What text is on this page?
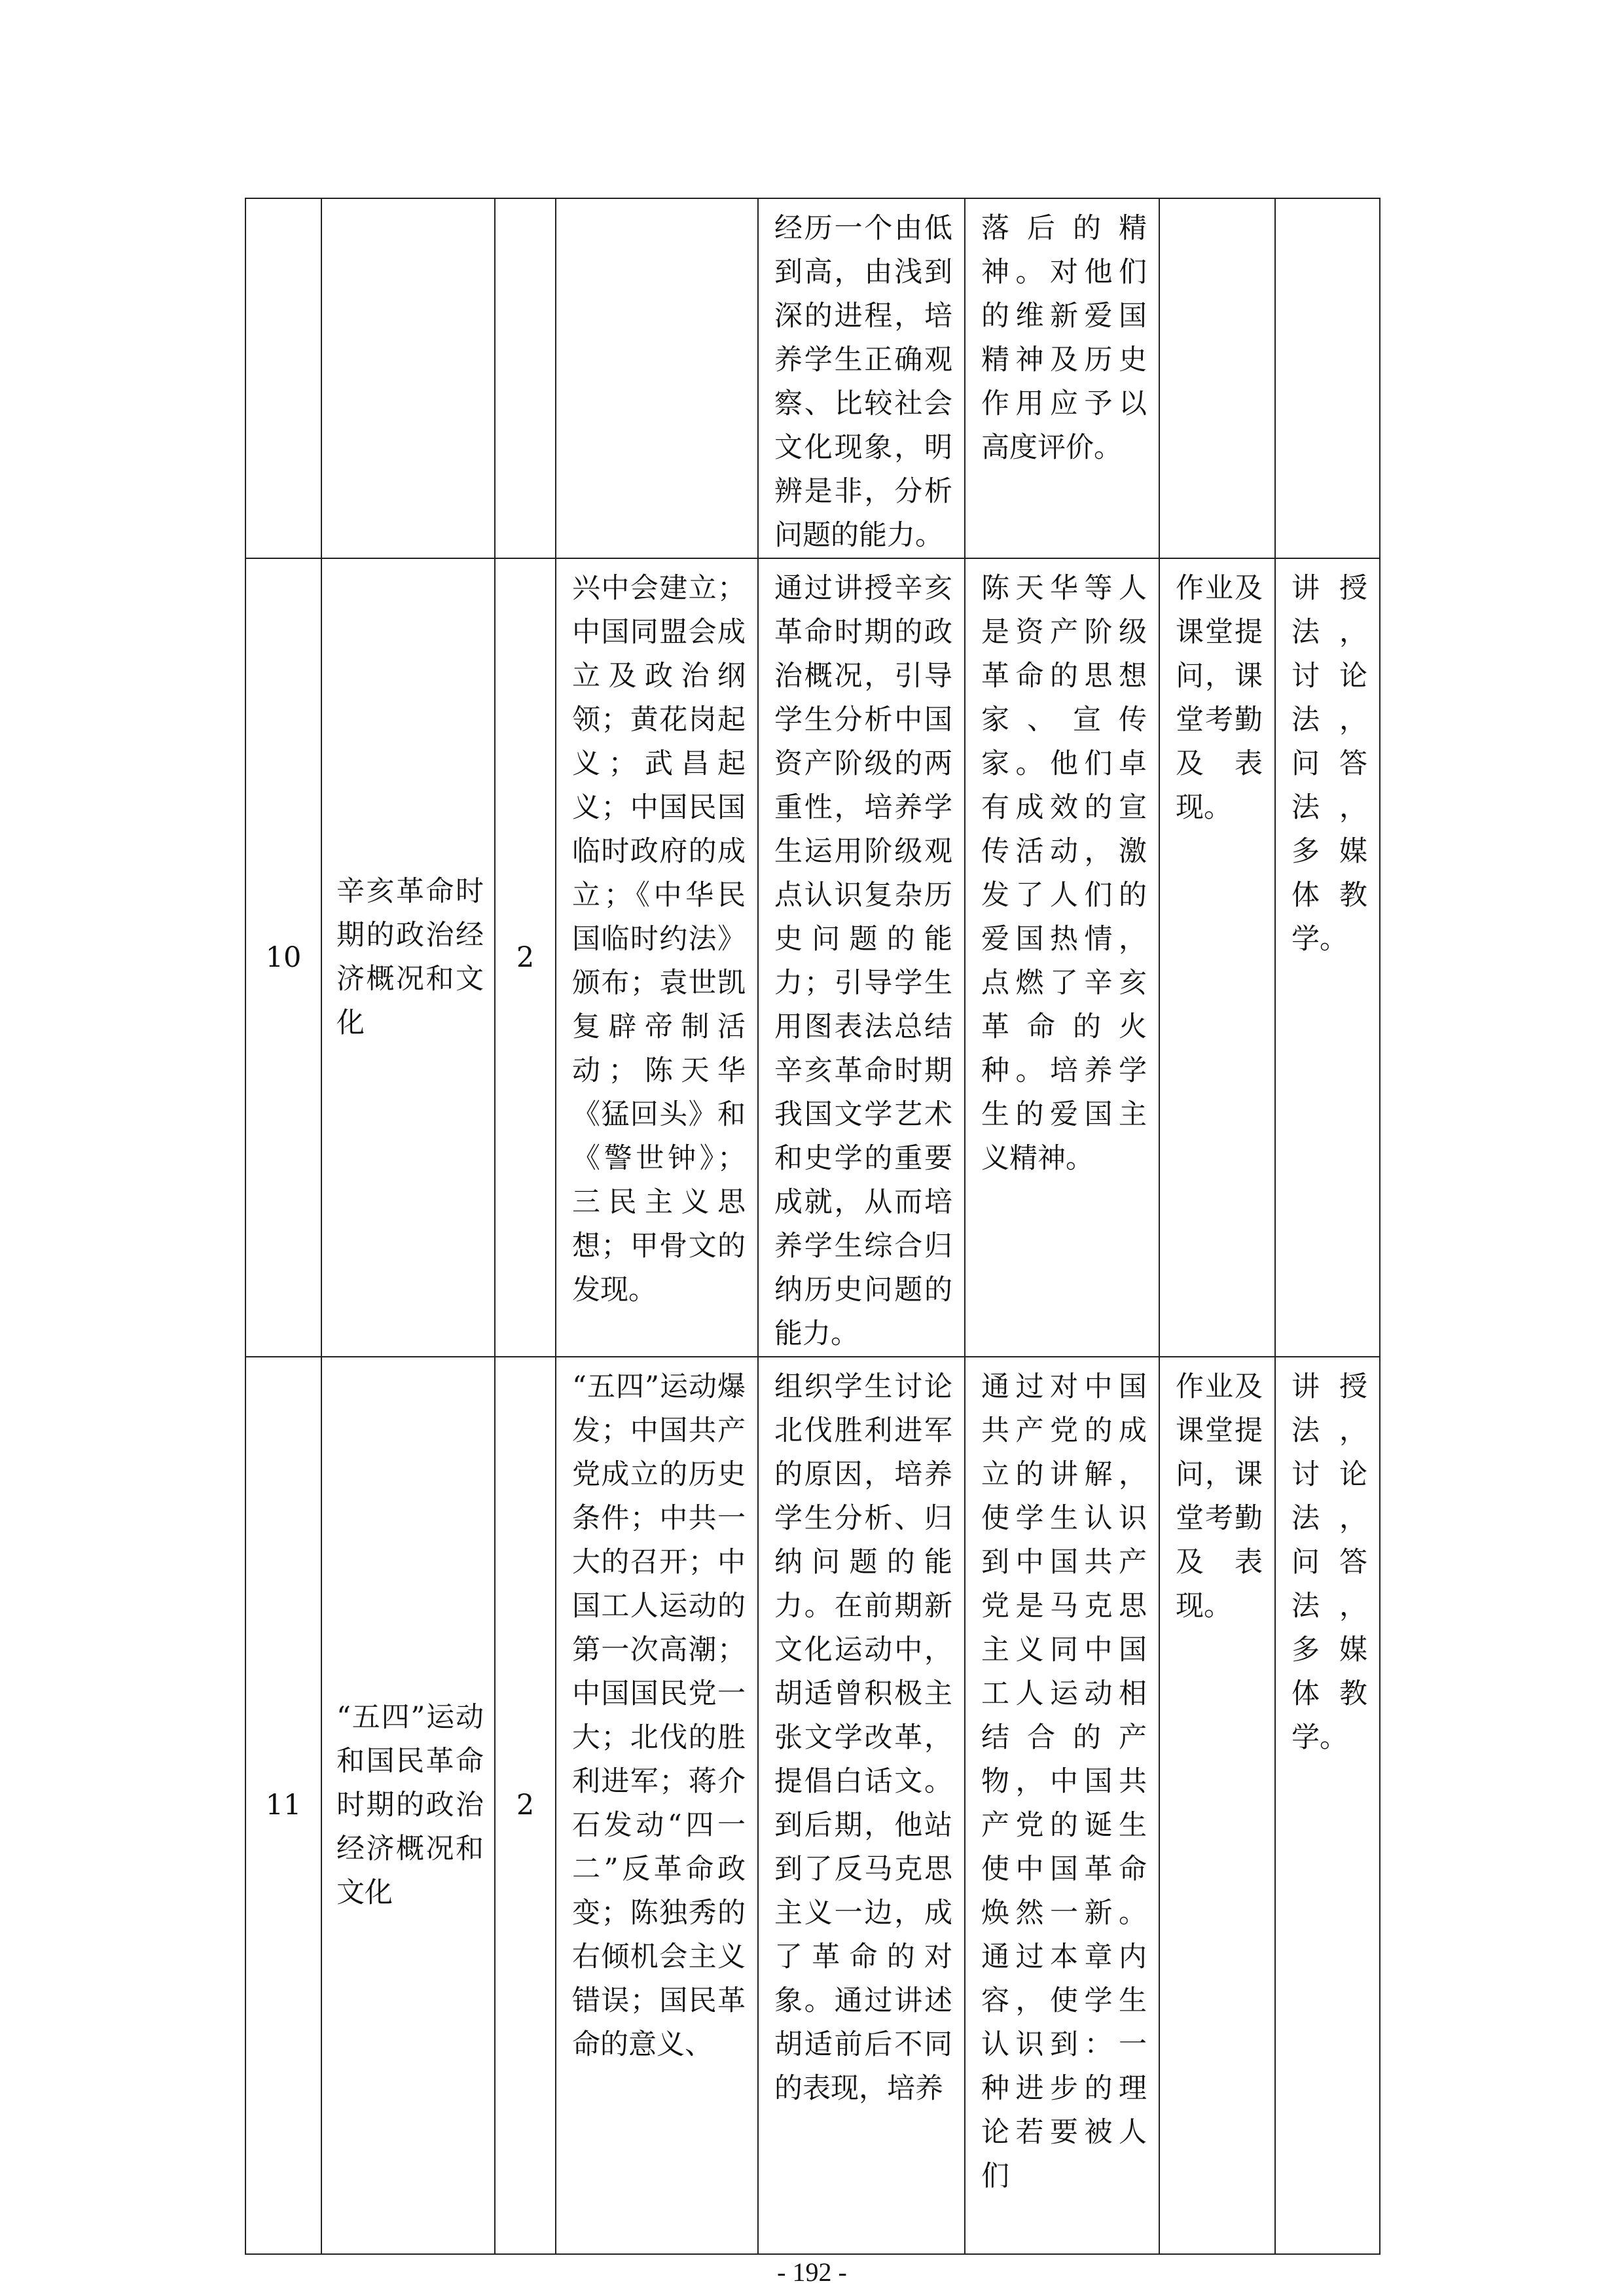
				经历一个由低到高，由浅到深的进程，培养学生正确观察、比较社会文化现象，明辨是非，分析问题的能力。	落后的精神。对他们的维新爱国精神及历史作用应予以高度评价。		

10	辛亥革命时期的政治经济概况和文化	2	兴中会建立；中国同盟会成立及政治纲领；黄花岗起义；武昌起义；中国民国临时政府的成立；《中华民国临时约法》颁布；袁世凯复辟帝制活动；陈天华《猛回头》和《警世钟》；三民主义思想；甲骨文的发现。	通过讲授辛亥革命时期的政治概况，引导学生分析中国资产阶级的两重性，培养学生运用阶级观点认识复杂历史问题的能力；引导学生用图表法总结辛亥革命时期我国文学艺术和史学的重要成就，从而培养学生综合归纳历史问题的能力。	陈天华等人是资产阶级革命的思想家、宣传家。他们卓有成效的宣传活动，激发了人们的爱国热情，点燃了辛亥革命的火种。培养学生的爱国主义精神。	作业及课堂提问，课堂考勤及　表现。	讲授法，讨论法，问答法，多媒体教学。

11	“五四”运动和国民革命时期的政治经济概况和文化	2	“五四”运动爆发；中国共产党成立的历史条件；中共一大的召开；中国工人运动的第一次高潮；中国国民党一大；北伐的胜利进军；蒋介石发动“四一二”反革命政变；陈独秀的右倾机会主义错误；国民革命的意义、	组织学生讨论北伐胜利进军的原因，培养学生分析、归纳问题的能力。在前期新文化运动中，胡适曾积极主张文学改革，提倡白话文。到后期，他站到了反马克思主义一边，成了革命的对象。通过讲述胡适前后不同的表现，培养	通过对中国共产党的成立的讲解，使学生认识到中国共产党是马克思主义同中国工人运动相结合的产物，中国共产党的诞生使中国革命焕然一新。通过本章内容，使学生认识到：一种进步的理论若要被人们	作业及课堂提问，课堂考勤及　表现。	讲授法，讨论法，问答法，多媒体教学。
- 192 -
